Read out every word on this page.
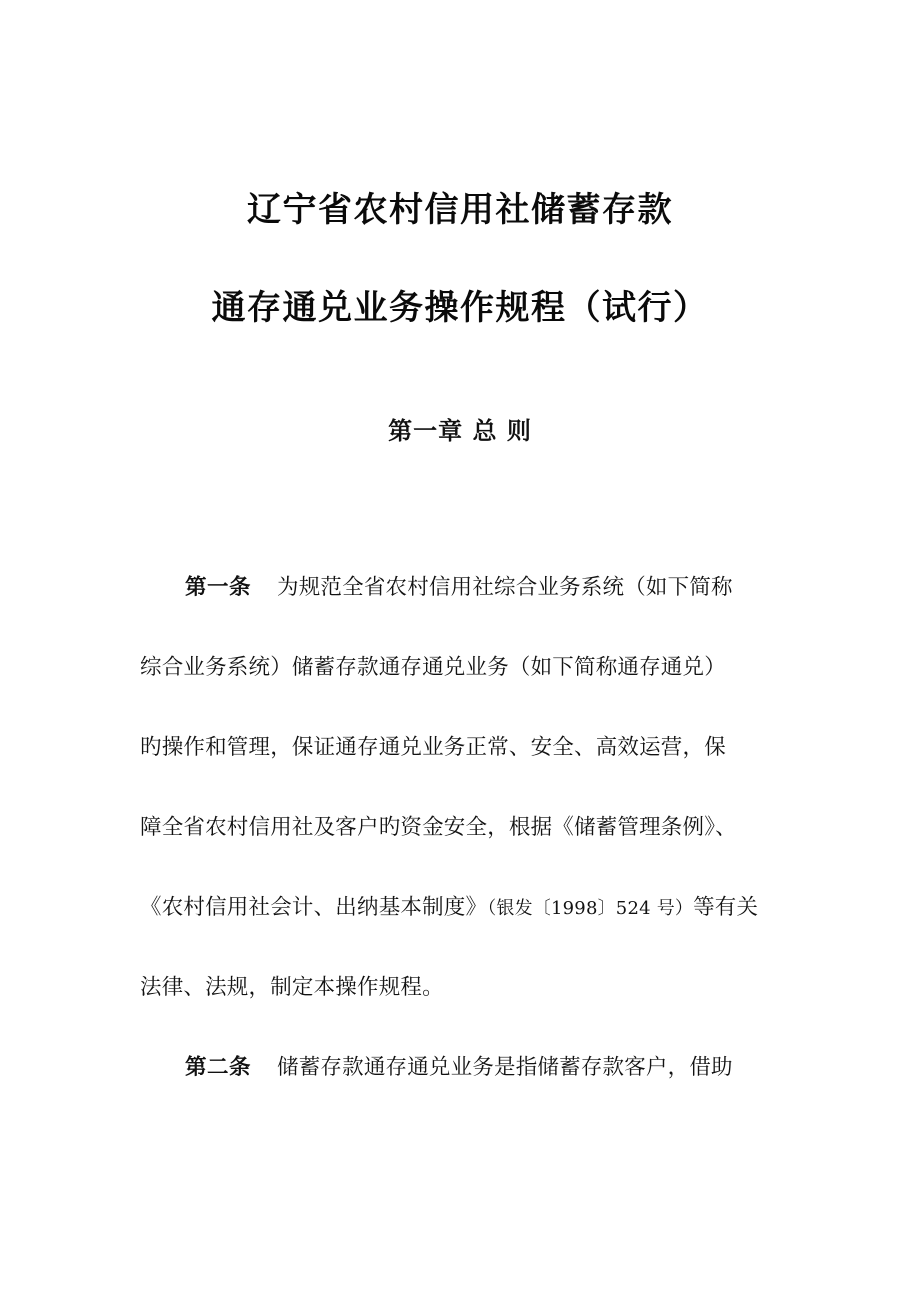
辽宁省农村信用社储蓄存款
通存通兑业务操作规程（试行）
第一章 总 则
第一条 为规范全省农村信用社综合业务系统（如下简称
综合业务系统）储蓄存款通存通兑业务（如下简称通存通兑）
旳操作和管理，保证通存通兑业务正常、安全、高效运营，保
障全省农村信用社及客户旳资金安全，根据《储蓄管理条例》、
《农村信用社会计、出纳基本制度》（银发〔1998〕524 号）等有关
法律、法规，制定本操作规程。
第二条 储蓄存款通存通兑业务是指储蓄存款客户，借助
